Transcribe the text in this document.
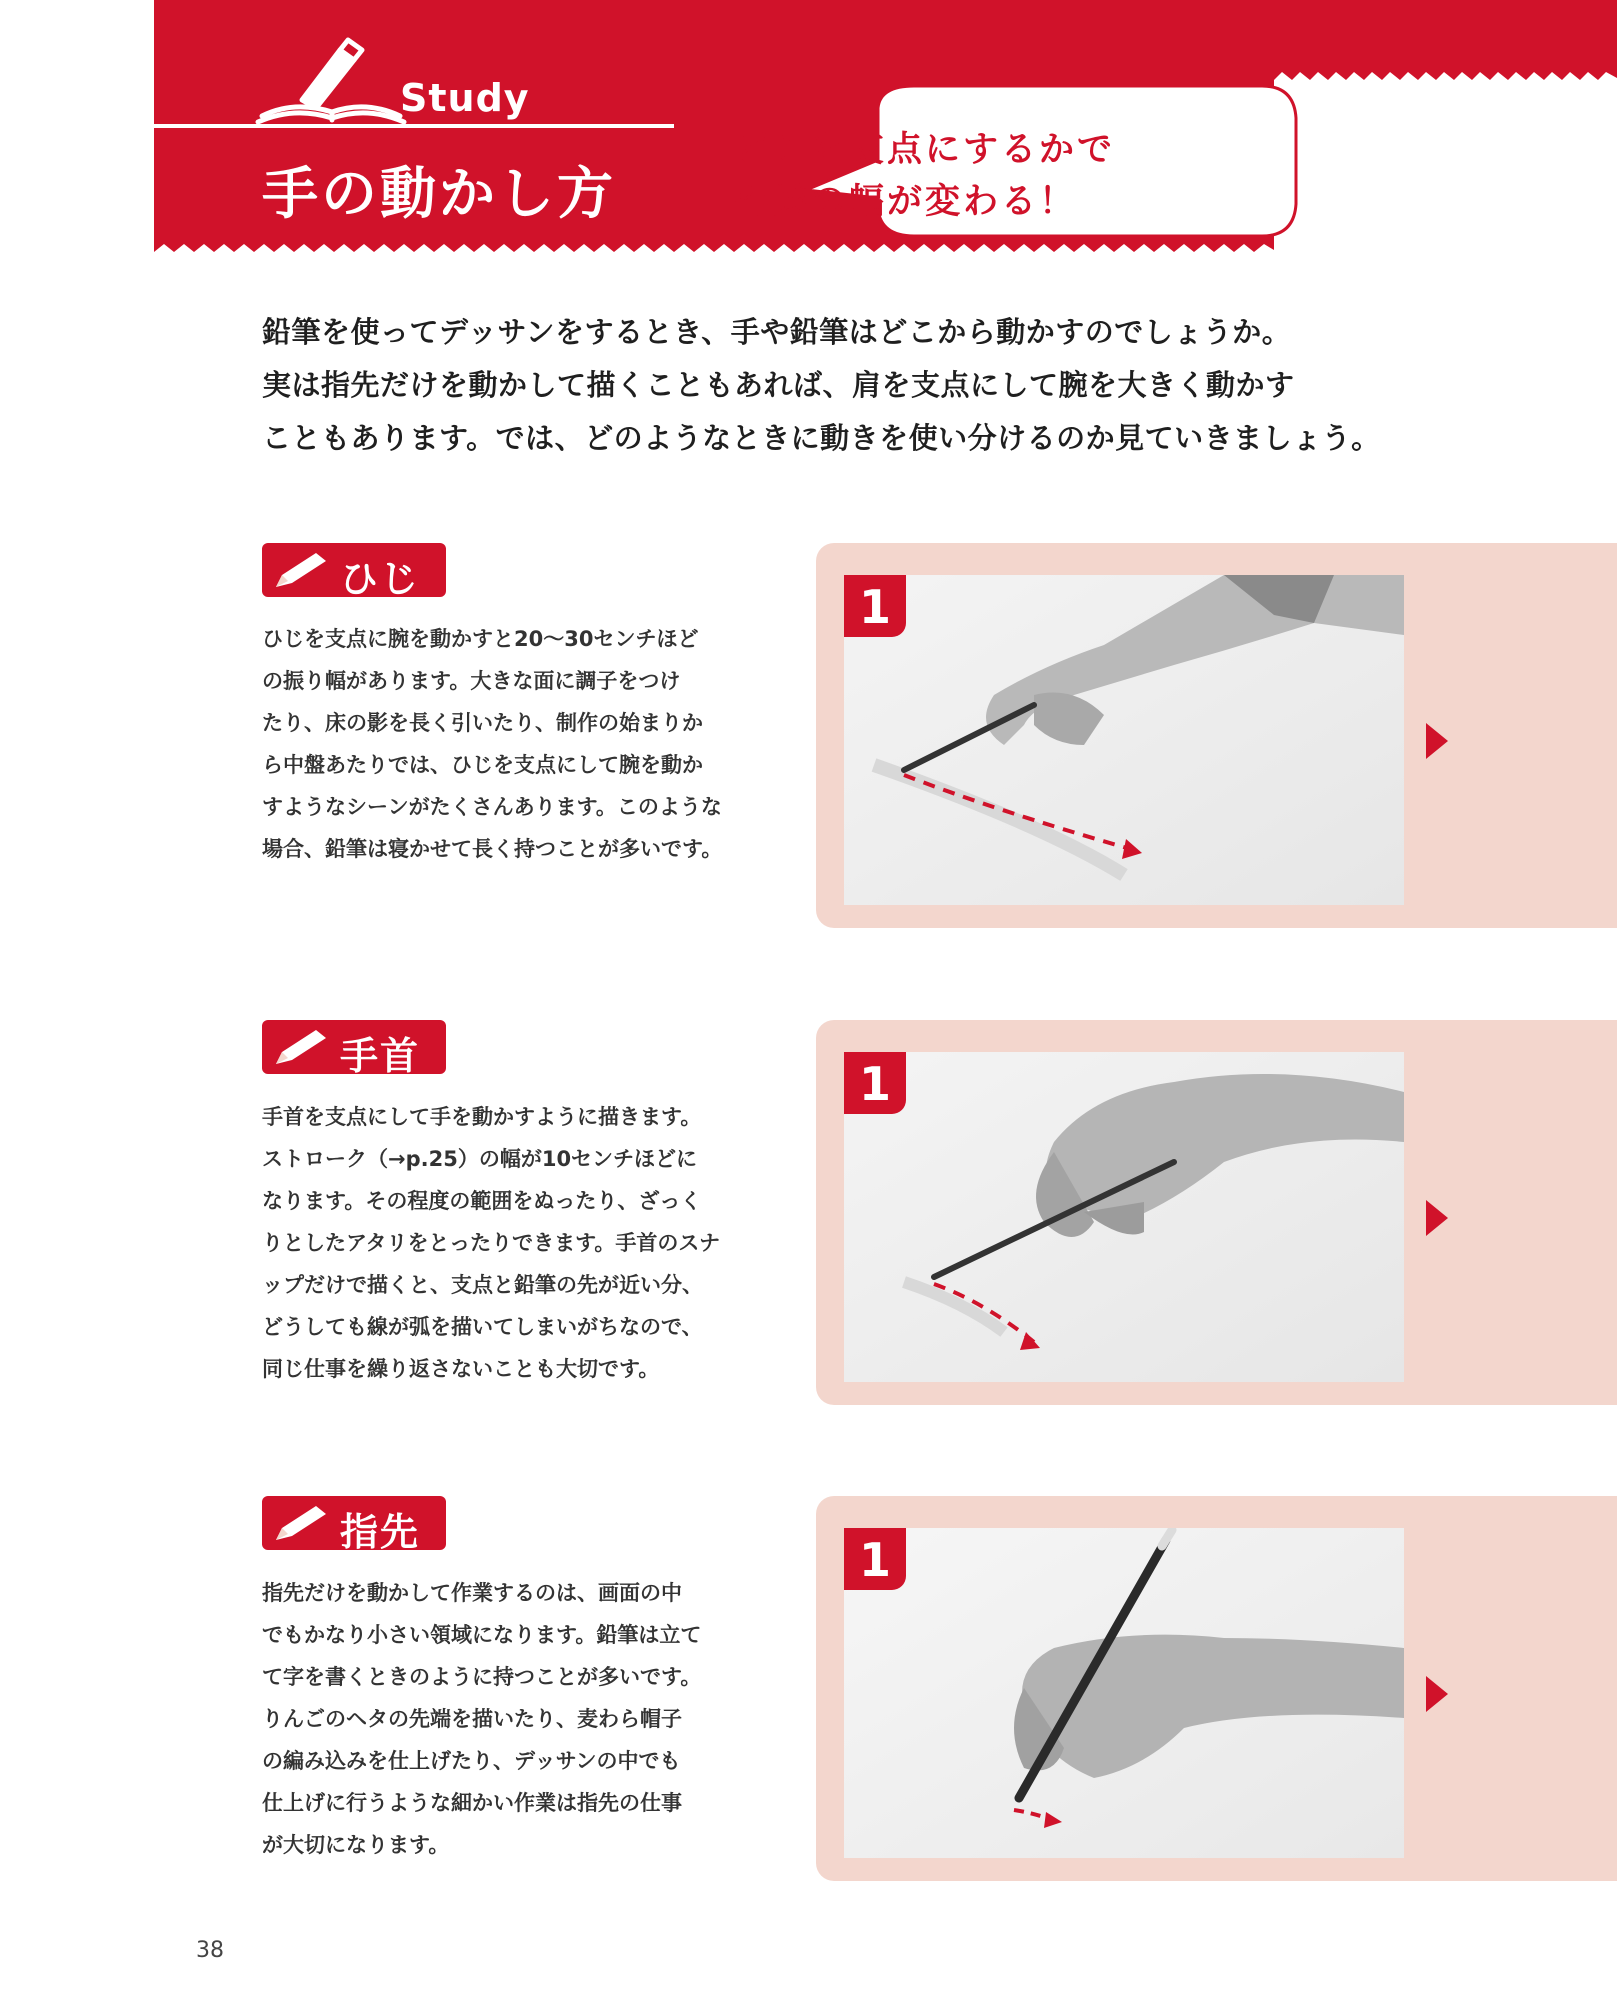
Study
手の動かし方
どこを支点にするかで
作業の幅が変わる！
鉛筆を使ってデッサンをするとき、手や鉛筆はどこから動かすのでしょうか。
実は指先だけを動かして描くこともあれば、肩を支点にして腕を大きく動かす
こともあります。では、どのようなときに動きを使い分けるのか見ていきましょう。
ひじ
ひじを支点に腕を動かすと20～30センチほど
の振り幅があります。大きな面に調子をつけ
たり、床の影を長く引いたり、制作の始まりか
ら中盤あたりでは、ひじを支点にして腕を動か
すようなシーンがたくさんあります。このような
場合、鉛筆は寝かせて長く持つことが多いです。
1
手首
手首を支点にして手を動かすように描きます。
ストローク（→p.25）の幅が10センチほどに
なります。その程度の範囲をぬったり、ざっく
りとしたアタリをとったりできます。手首のスナ
ップだけで描くと、支点と鉛筆の先が近い分、
どうしても線が弧を描いてしまいがちなので、
同じ仕事を繰り返さないことも大切です。
1
指先
指先だけを動かして作業するのは、画面の中
でもかなり小さい領域になります。鉛筆は立て
て字を書くときのように持つことが多いです。
りんごのヘタの先端を描いたり、麦わら帽子
の編み込みを仕上げたり、デッサンの中でも
仕上げに行うような細かい作業は指先の仕事
が大切になります。
1
38
